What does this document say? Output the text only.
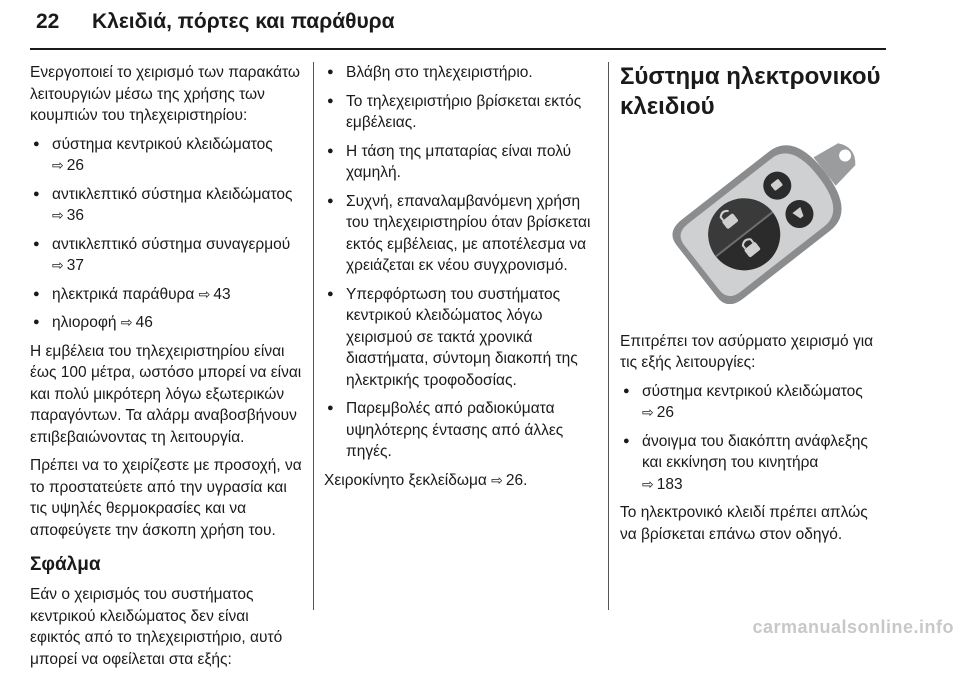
22 Κλειδιά, πόρτες και παράθυρα

Ενεργοποιεί το χειρισμό των παρακάτω λειτουργιών μέσω της χρήσης των κουμπιών του τηλεχειριστηρίου:

● σύστημα κεντρικού κλειδώματος
⇨ 26
● αντικλεπτικό σύστημα κλειδώματος ⇨ 36
● αντικλεπτικό σύστημα συναγερμού ⇨ 37
● ηλεκτρικά παράθυρα ⇨ 43
● ηλιοροφή ⇨ 46

Η εμβέλεια του τηλεχειριστηρίου είναι έως 100 μέτρα, ωστόσο μπορεί να είναι και πολύ μικρότερη λόγω εξωτερικών παραγόντων. Τα αλάρμ αναβοσβήνουν επιβεβαιώνοντας τη λειτουργία.

Πρέπει να το χειρίζεστε με προσοχή, να το προστατεύετε από την υγρασία και τις υψηλές θερμοκρασίες και να αποφεύγετε την άσκοπη χρήση του.

Σφάλμα

Εάν ο χειρισμός του συστήματος κεντρικού κλειδώματος δεν είναι εφικτός από το τηλεχειριστήριο, αυτό μπορεί να οφείλεται στα εξής:

● Βλάβη στο τηλεχειριστήριο.
● Το τηλεχειριστήριο βρίσκεται εκτός εμβέλειας.
● Η τάση της μπαταρίας είναι πολύ χαμηλή.
● Συχνή, επαναλαμβανόμενη χρήση του τηλεχειριστηρίου όταν βρίσκεται εκτός εμβέλειας, με αποτέλεσμα να χρειάζεται εκ νέου συγχρονισμό.
● Υπερφόρτωση του συστήματος κεντρικού κλειδώματος λόγω χειρισμού σε τακτά χρονικά διαστήματα, σύντομη διακοπή της ηλεκτρικής τροφοδοσίας.
● Παρεμβολές από ραδιοκύματα υψηλότερης έντασης από άλλες πηγές.

Χειροκίνητο ξεκλείδωμα ⇨ 26.

Σύστημα ηλεκτρονικού κλειδιού

Επιτρέπει τον ασύρματο χειρισμό για τις εξής λειτουργίες:

● σύστημα κεντρικού κλειδώματος
⇨ 26
● άνοιγμα του διακόπτη ανάφλεξης και εκκίνηση του κινητήρα
⇨ 183

Το ηλεκτρονικό κλειδί πρέπει απλώς να βρίσκεται επάνω στον οδηγό.

carmanualsonline.info
